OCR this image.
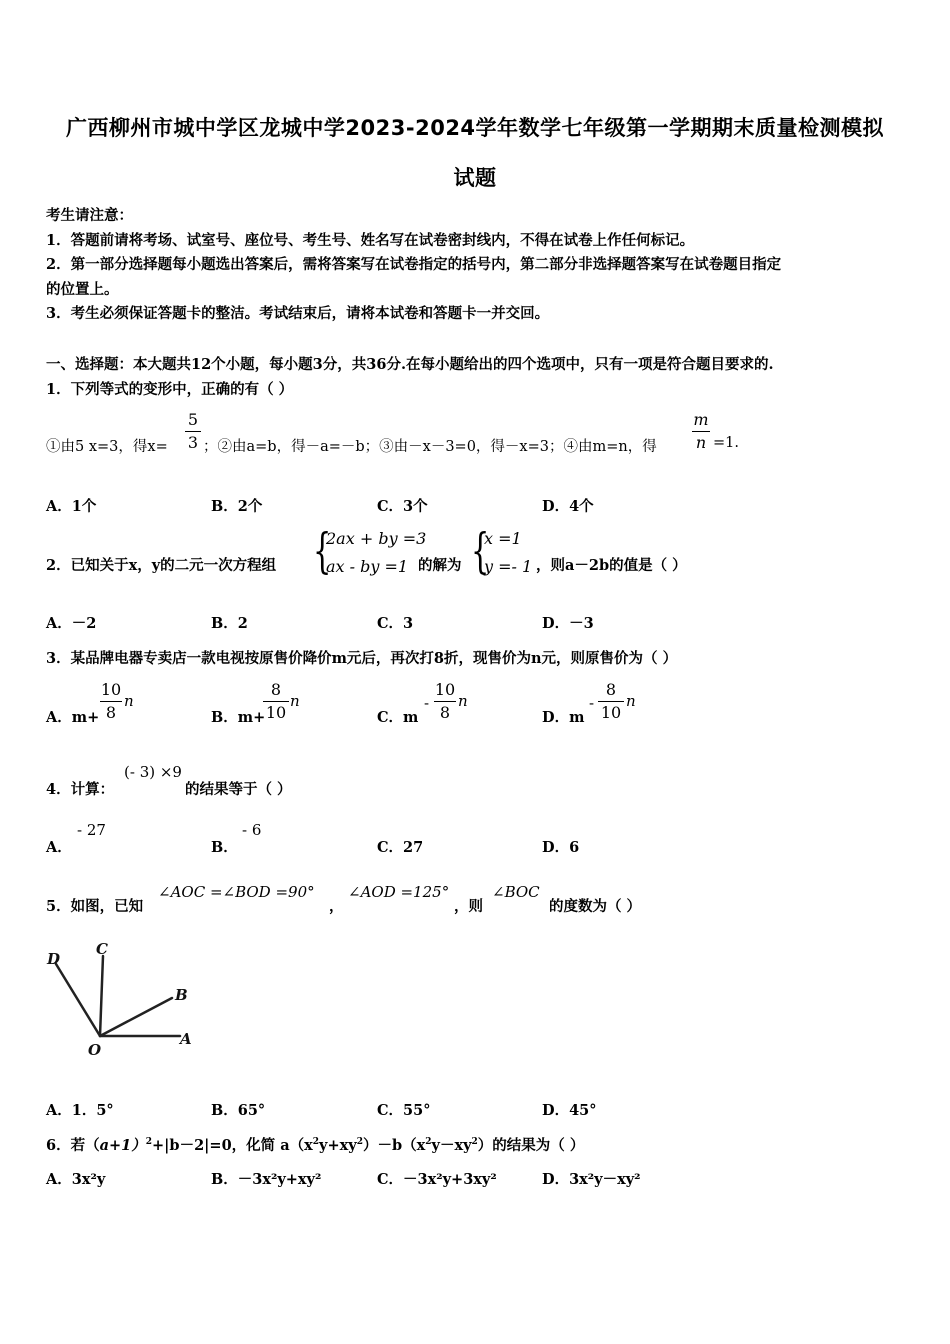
广西柳州市城中学区龙城中学2023-2024学年数学七年级第一学期期末质量检测模拟
试题
考生请注意：
1．答题前请将考场、试室号、座位号、考生号、姓名写在试卷密封线内，不得在试卷上作任何标记。
2．第一部分选择题每小题选出答案后，需将答案写在试卷指定的括号内，第二部分非选择题答案写在试卷题目指定
的位置上。
3．考生必须保证答题卡的整洁。考试结束后，请将本试卷和答题卡一并交回。
一、选择题：本大题共12个小题，每小题3分，共36分.在每小题给出的四个选项中，只有一项是符合题目要求的.
1．下列等式的变形中，正确的有（ ）
①由5 x=3，得x=
5
3 ；②由a=b，得－a=－b；③由－x－3=0，得－x=3；④由m=n，得
m
n =1.
A．1个	B．2个	C．3个	D．4个
2．已知关于x，y的二元一次方程组 {
2ax + by =3
ax - by =1 的解为 {
x =1
y =- 1 ，则a－2b的值是（ ）
A．－2	B．2	C．3	D．－3
3．某品牌电器专卖店一款电视按原售价降价m元后，再次打8折，现售价为n元，则原售价为（ ）
A．m+
10
8
n
B．m+
8
10
n
C．m
-
10
8
n
D．m
-
8
10
n
4．计算：
(- 3) ×9
的结果等于（ ）
A．
- 27
B．
- 6
C．27	D．6
5．如图，已知
∠AOC =∠BOD =90°
，
∠AOD =125°
，则
∠BOC
的度数为（ ）
D
C
B
O
A
A．1．5°	B．65°	C．55°	D．45°
6．若$(a+1)^2+|b-2|=0$，化简 $a(x^2y+xy^2)-b(x^2y-xy^2)$的结果为（ ）
A．3x²y	B．－3x²y+xy²	C．－3x²y+3xy²	D．3x²y－xy²
